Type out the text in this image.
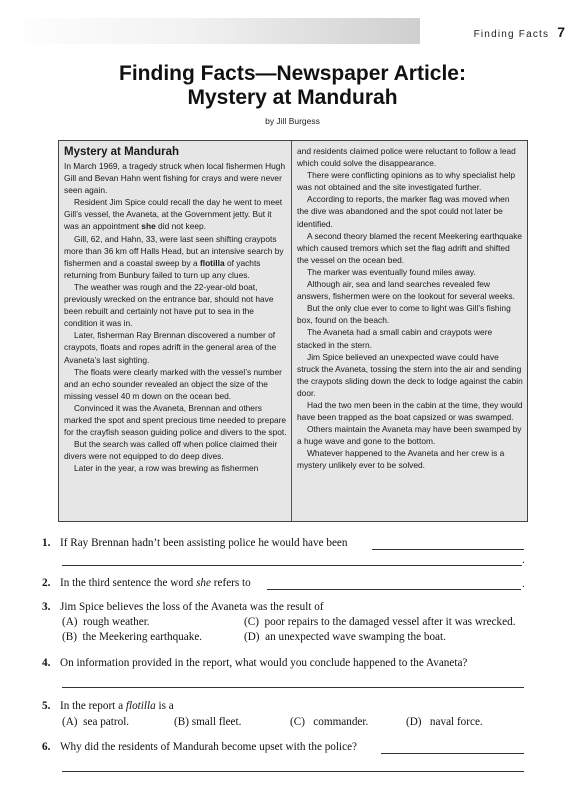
Finding Facts 7
Finding Facts—Newspaper Article:
Mystery at Mandurah
by Jill Burgess
Mystery at Mandurah

In March 1969, a tragedy struck when local fishermen Hugh Gill and Bevan Hahn went fishing for crays and were never seen again.

Resident Jim Spice could recall the day he went to meet Gill’s vessel, the Avaneta, at the Government jetty. But it was an appointment she did not keep.

Gill, 62, and Hahn, 33, were last seen shifting craypots more than 36 km off Halls Head, but an intensive search by fishermen and a coastal sweep by a flotilla of yachts returning from Bunbury failed to turn up any clues.

The weather was rough and the 22-year-old boat, previously wrecked on the entrance bar, should not have been rebuilt and certainly not have put to sea in the condition it was in.

Later, fisherman Ray Brennan discovered a number of craypots, floats and ropes adrift in the general area of the Avaneta’s last sighting.

The floats were clearly marked with the vessel’s number and an echo sounder revealed an object the size of the missing vessel 40 m down on the ocean bed.

Convinced it was the Avaneta, Brennan and others marked the spot and spent precious time needed to prepare for the crayfish season guiding police and divers to the spot.

But the search was called off when police claimed their divers were not equipped to do deep dives.

Later in the year, a row was brewing as fishermen

and residents claimed police were reluctant to follow a lead which could solve the disappearance.

There were conflicting opinions as to why specialist help was not obtained and the site investigated further.

According to reports, the marker flag was moved when the dive was abandoned and the spot could not later be identified.

A second theory blamed the recent Meekering earthquake which caused tremors which set the flag adrift and shifted the vessel on the ocean bed.

The marker was eventually found miles away.

Although air, sea and land searches revealed few answers, fishermen were on the lookout for several weeks.

But the only clue ever to come to light was Gill’s fishing box, found on the beach.

The Avaneta had a small cabin and craypots were stacked in the stern.

Jim Spice believed an unexpected wave could have struck the Avaneta, tossing the stern into the air and sending the craypots sliding down the deck to lodge against the cabin door.

Had the two men been in the cabin at the time, they would have been trapped as the boat capsized or was swamped.

Others maintain the Avaneta may have been swamped by a huge wave and gone to the bottom.

Whatever happened to the Avaneta and her crew is a mystery unlikely ever to be solved.

1. If Ray Brennan hadn’t been assisting police he would have been
.
2. In the third sentence the word she refers to	.
3. Jim Spice believes the loss of the Avaneta was the result of
(A)  rough weather.	(C)  poor repairs to the damaged vessel after it was wrecked.
(B)  the Meekering earthquake.	(D)  an unexpected wave swamping the boat.
4. On information provided in the report, what would you conclude happened to the Avaneta?
5. In the report a flotilla is a
(A)  sea patrol.	(B) small fleet.	(C)   commander.	(D)   naval force.
6. Why did the residents of Mandurah become upset with the police?
